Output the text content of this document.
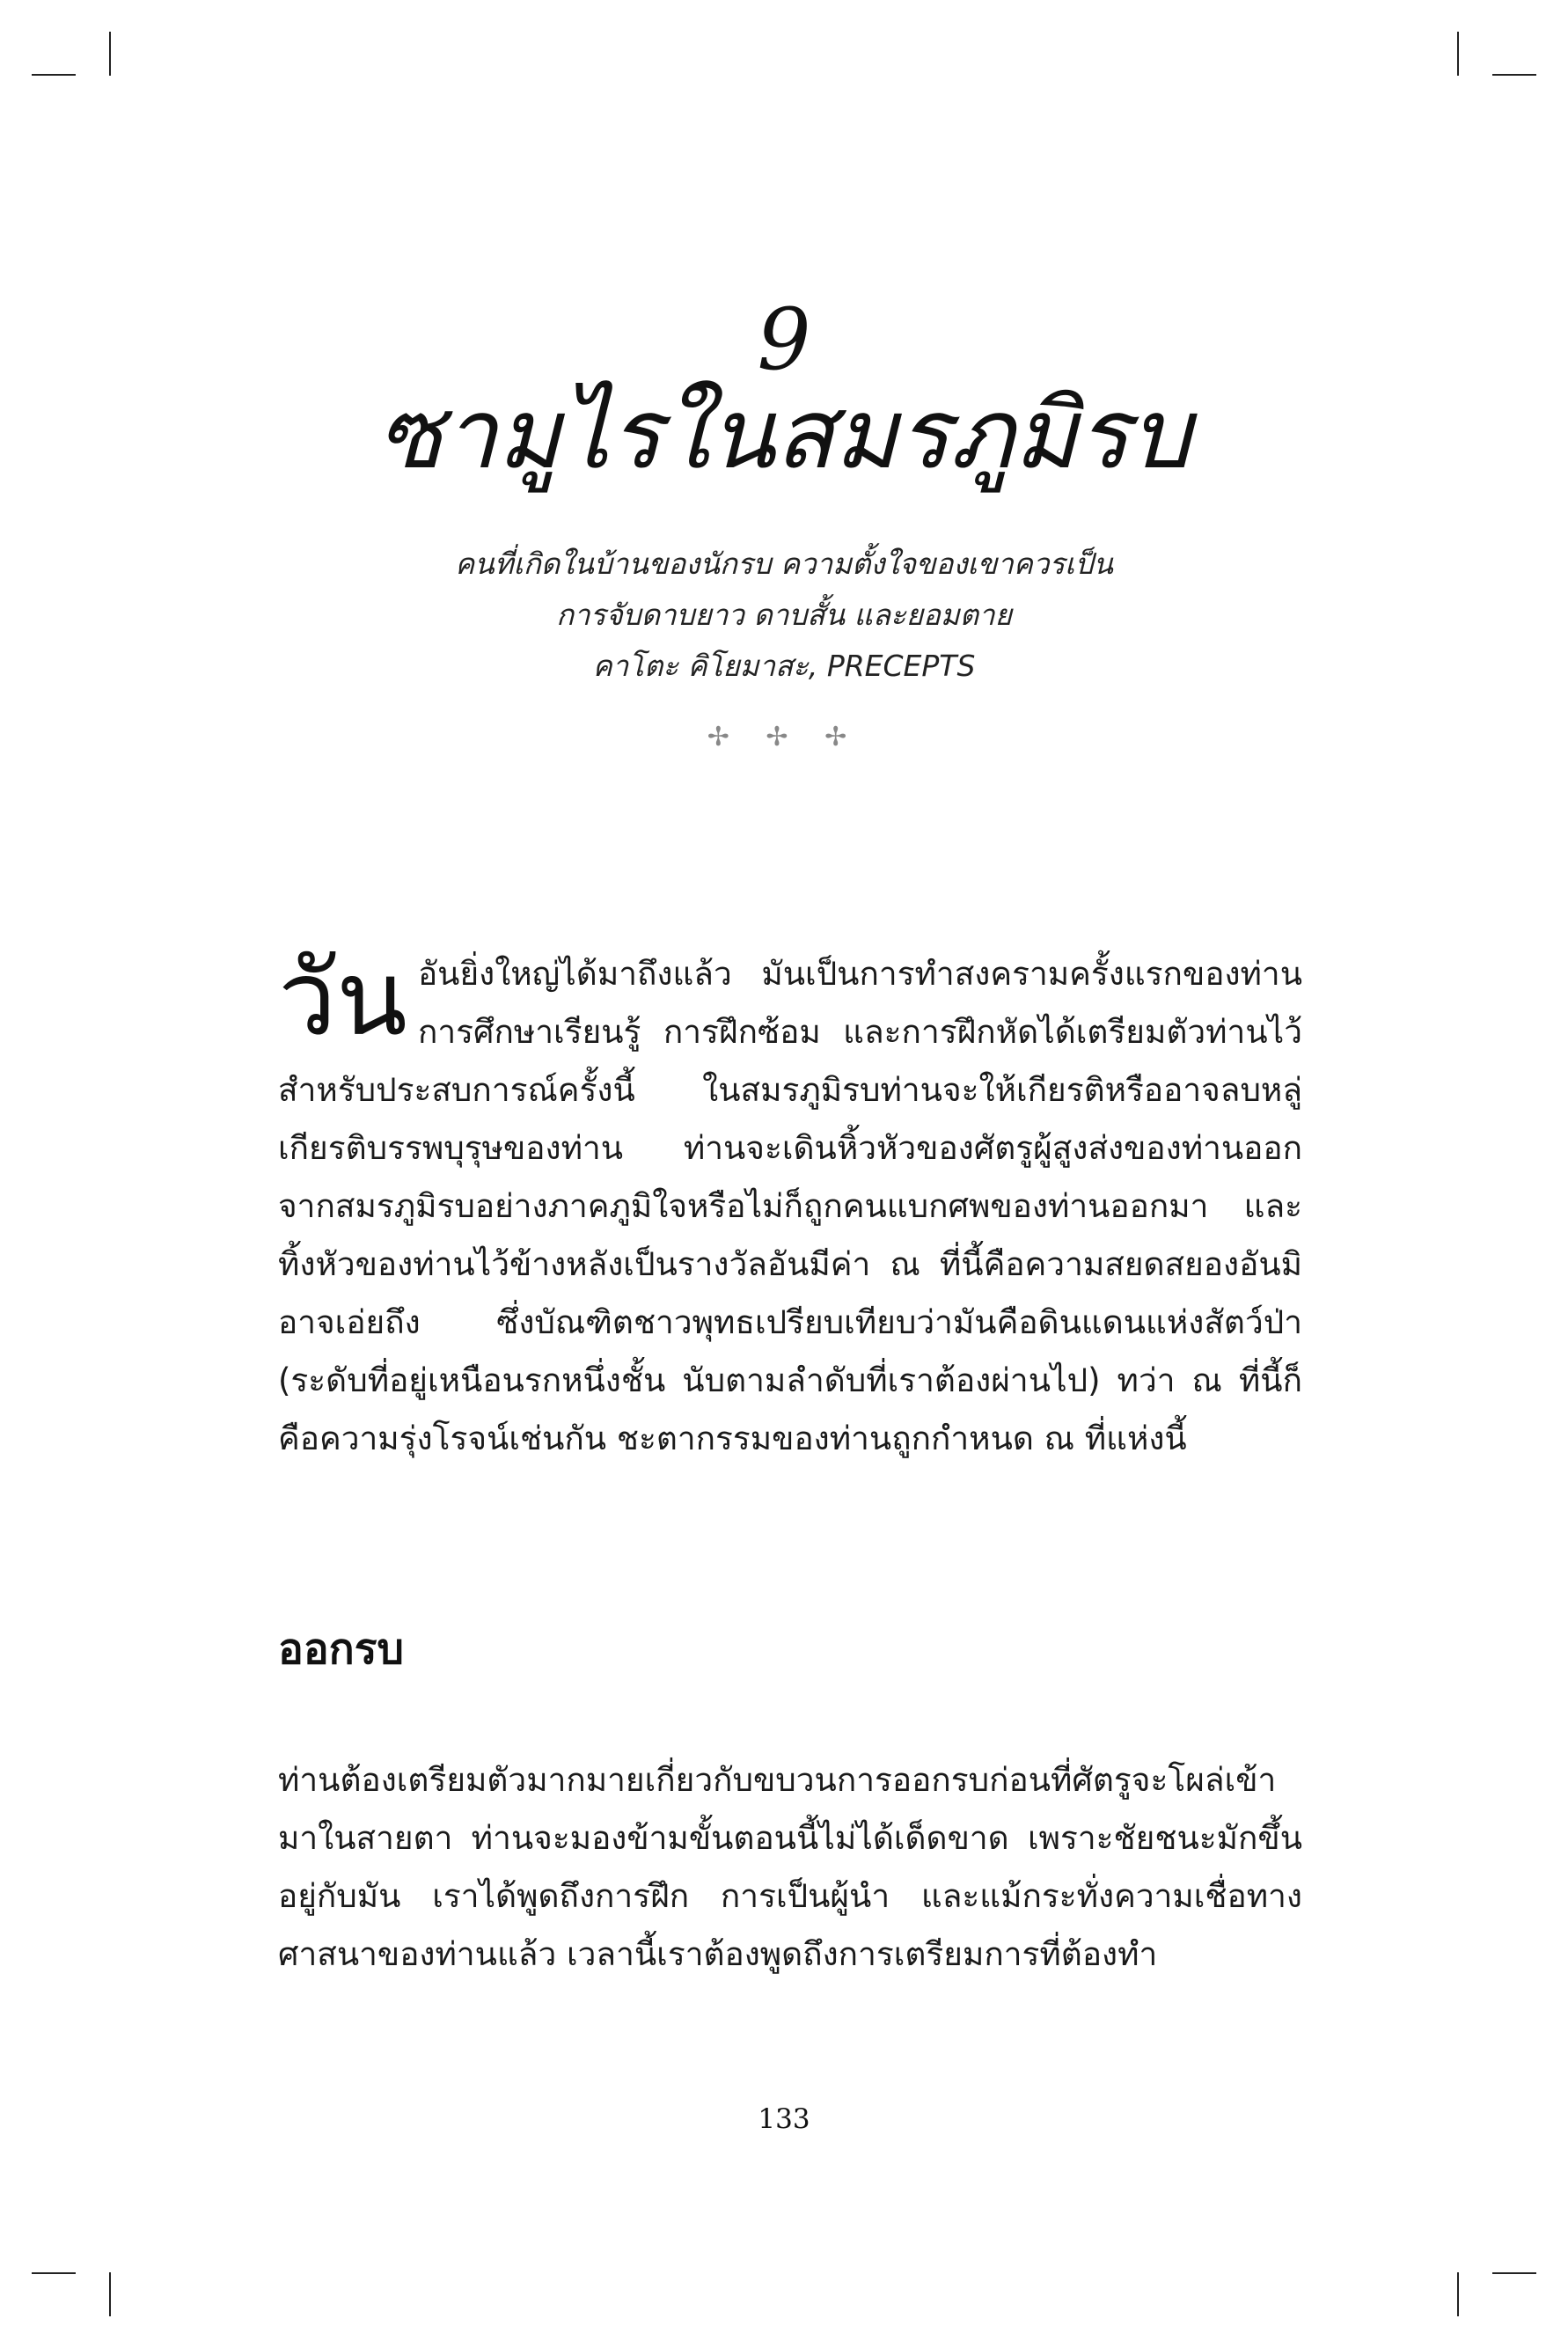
9
ซามูไรในสมรภูมิรบ
คนที่เกิดในบ้านของนักรบ ความตั้งใจของเขาควรเป็น
การจับดาบยาว ดาบสั้น และยอมตาย
คาโตะ คิโยมาสะ, PRECEPTS
✢ ✢ ✢
วัน อันยิ่งใหญ่ได้มาถึงแล้ว มันเป็นการทำสงครามครั้งแรกของท่าน การศึกษาเรียนรู้ การฝึกซ้อม และการฝึกหัดได้เตรียมตัวท่านไว้สำหรับประสบการณ์ครั้งนี้ ในสมรภูมิรบท่านจะให้เกียรติหรืออาจลบหลู่เกียรติบรรพบุรุษของท่าน ท่านจะเดินหิ้วหัวของศัตรูผู้สูงส่งของท่านออกจากสมรภูมิรบอย่างภาคภูมิใจหรือไม่ก็ถูกคนแบกศพของท่านออกมา และทิ้งหัวของท่านไว้ข้างหลังเป็นรางวัลอันมีค่า ณ ที่นี้คือความสยดสยองอันมิอาจเอ่ยถึง ซึ่งบัณฑิตชาวพุทธเปรียบเทียบว่ามันคือดินแดนแห่งสัตว์ป่า (ระดับที่อยู่เหนือนรกหนึ่งชั้น นับตามลำดับที่เราต้องผ่านไป) ทว่า ณ ที่นี้ก็คือความรุ่งโรจน์เช่นกัน ชะตากรรมของท่านถูกกำหนด ณ ที่แห่งนี้
ออกรบ
ท่านต้องเตรียมตัวมากมายเกี่ยวกับขบวนการออกรบก่อนที่ศัตรูจะโผล่เข้ามาในสายตา ท่านจะมองข้ามขั้นตอนนี้ไม่ได้เด็ดขาด เพราะชัยชนะมักขึ้นอยู่กับมัน เราได้พูดถึงการฝึก การเป็นผู้นำ และแม้กระทั่งความเชื่อทางศาสนาของท่านแล้ว เวลานี้เราต้องพูดถึงการเตรียมการที่ต้องทำ
133
